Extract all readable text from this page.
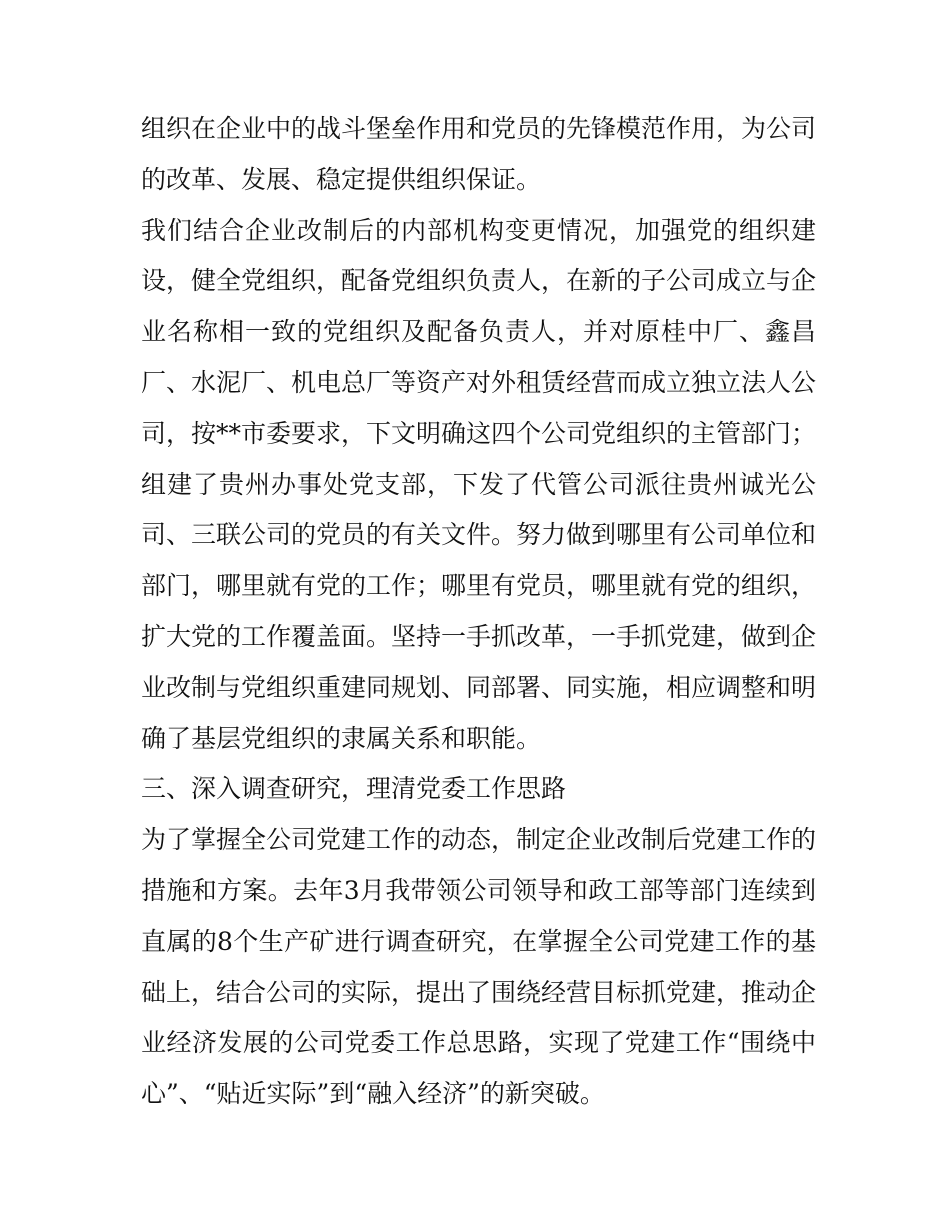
组织在企业中的战斗堡垒作用和党员的先锋模范作用，为公司
的改革、发展、稳定提供组织保证。
我们结合企业改制后的内部机构变更情况，加强党的组织建
设，健全党组织，配备党组织负责人，在新的子公司成立与企
业名称相一致的党组织及配备负责人，并对原桂中厂、鑫昌
厂、水泥厂、机电总厂等资产对外租赁经营而成立独立法人公
司，按**市委要求，下文明确这四个公司党组织的主管部门；
组建了贵州办事处党支部，下发了代管公司派往贵州诚光公
司、三联公司的党员的有关文件。努力做到哪里有公司单位和
部门，哪里就有党的工作；哪里有党员，哪里就有党的组织，
扩大党的工作覆盖面。坚持一手抓改革，一手抓党建，做到企
业改制与党组织重建同规划、同部署、同实施，相应调整和明
确了基层党组织的隶属关系和职能。
三、深入调查研究，理清党委工作思路
为了掌握全公司党建工作的动态，制定企业改制后党建工作的
措施和方案。去年3月我带领公司领导和政工部等部门连续到
直属的8个生产矿进行调查研究，在掌握全公司党建工作的基
础上，结合公司的实际，提出了围绕经营目标抓党建，推动企
业经济发展的公司党委工作总思路，实现了党建工作“围绕中
心”、“贴近实际”到“融入经济”的新突破。
